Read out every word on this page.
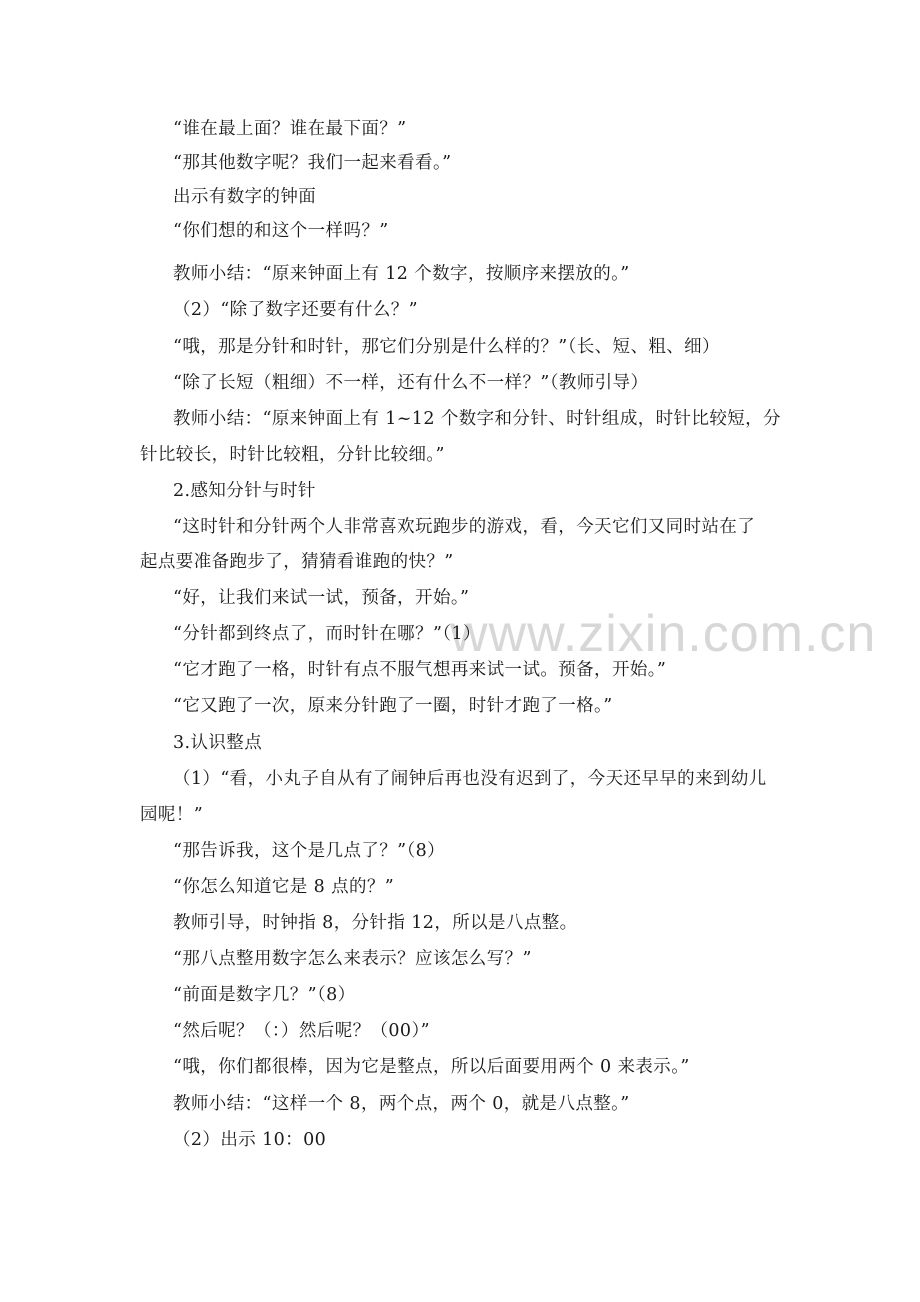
www.zixin.com.cn
“谁在最上面？谁在最下面？”
“那其他数字呢？我们一起来看看。”
出示有数字的钟面
“你们想的和这个一样吗？”
教师小结：“原来钟面上有 12 个数字，按顺序来摆放的。”
（2）“除了数字还要有什么？”
“哦，那是分针和时针，那它们分别是什么样的？”（长、短、粗、细）
“除了长短（粗细）不一样，还有什么不一样？”（教师引导）
教师小结：“原来钟面上有 1~12 个数字和分针、时针组成，时针比较短，分
针比较长，时针比较粗，分针比较细。”
2.感知分针与时针
“这时针和分针两个人非常喜欢玩跑步的游戏，看，今天它们又同时站在了
起点要准备跑步了，猜猜看谁跑的快？”
“好，让我们来试一试，预备，开始。”
“分针都到终点了，而时针在哪？”（1）
“它才跑了一格，时针有点不服气想再来试一试。预备，开始。”
“它又跑了一次，原来分针跑了一圈，时针才跑了一格。”
3.认识整点
（1）“看，小丸子自从有了闹钟后再也没有迟到了，今天还早早的来到幼儿
园呢！”
“那告诉我，这个是几点了？”（8）
“你怎么知道它是 8 点的？”
教师引导，时钟指 8，分针指 12，所以是八点整。
“那八点整用数字怎么来表示？应该怎么写？”
“前面是数字几？”（8）
“然后呢？（：）然后呢？（00）”
“哦，你们都很棒，因为它是整点，所以后面要用两个 0 来表示。”
教师小结：“这样一个 8，两个点，两个 0，就是八点整。”
（2）出示 10：00
